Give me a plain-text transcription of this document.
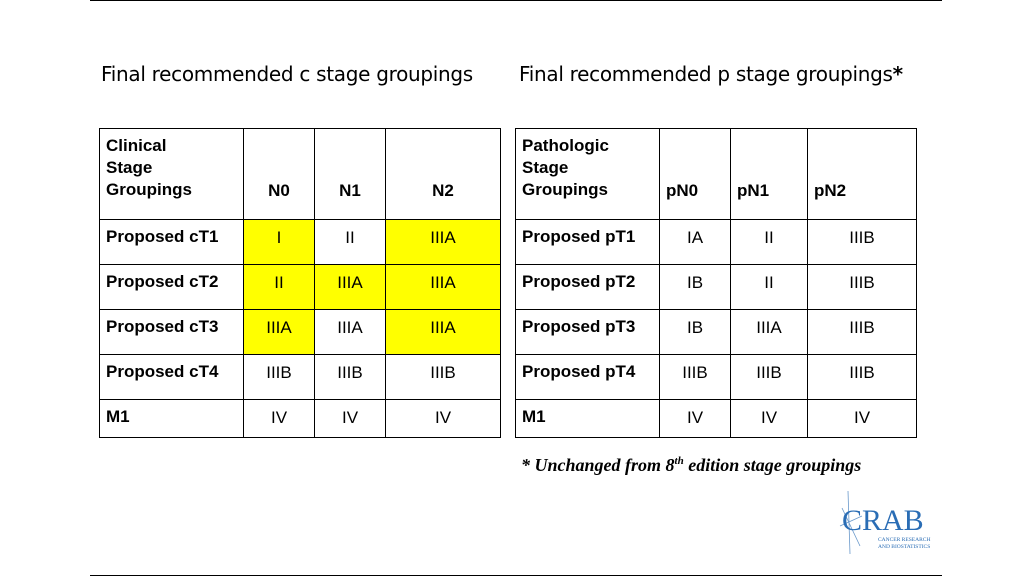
Final recommended c stage groupings Final recommended p stage groupings*
Clinical
Stage
Groupings	N0	N1	N2
Proposed cT1	I	II	IIIA
Proposed cT2	II	IIIA	IIIA
Proposed cT3	IIIA	IIIA	IIIA
Proposed cT4	IIIB	IIIB	IIIB
M1	IV	IV	IV
Pathologic
Stage
Groupings	pN0	pN1	pN2
Proposed pT1	IA	II	IIIB
Proposed pT2	IB	II	IIIB
Proposed pT3	IB	IIIA	IIIB
Proposed pT4	IIIB	IIIB	IIIB
M1	IV	IV	IV
* Unchanged from 8th edition stage groupings
CRAB
CANCER RESEARCH
AND BIOSTATISTICS
